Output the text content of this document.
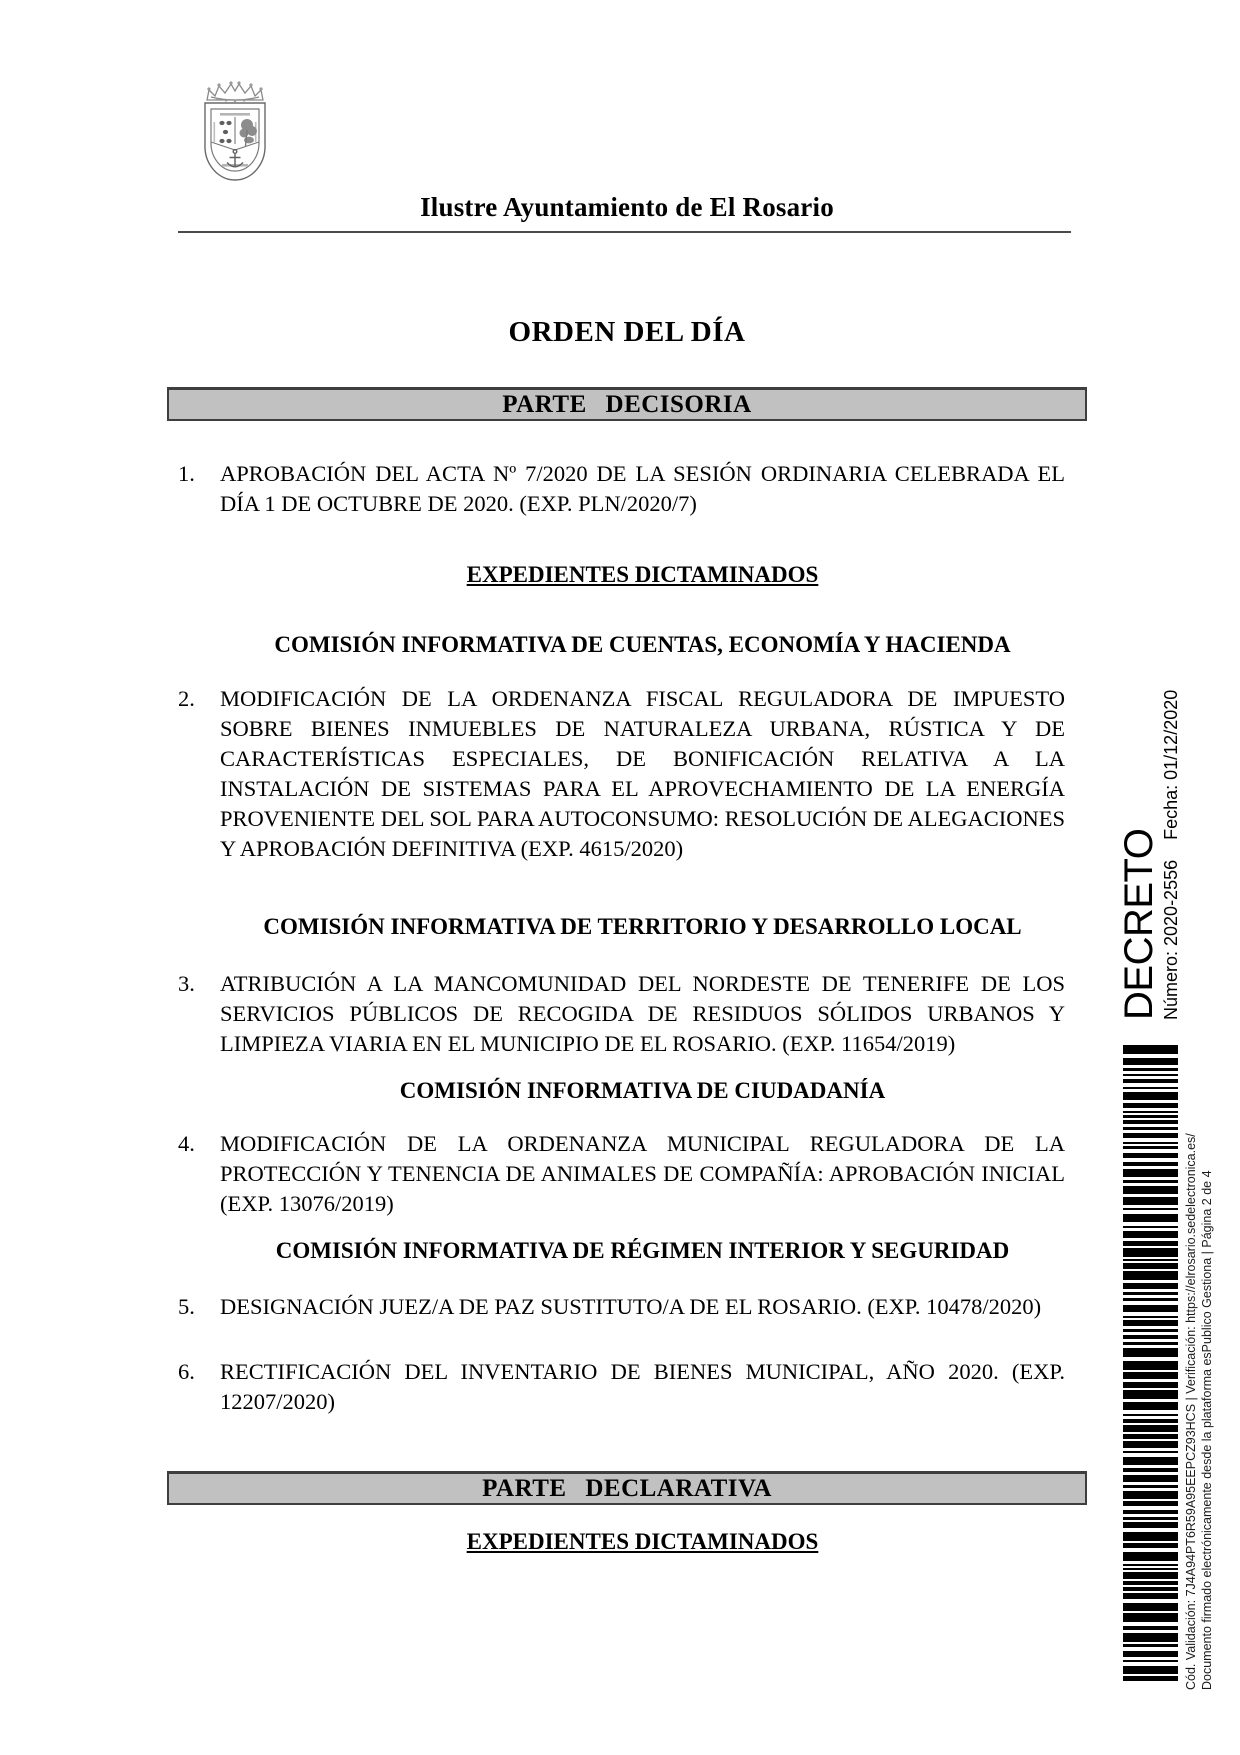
Ilustre Ayuntamiento de El Rosario
ORDEN DEL DÍA
PARTE DECISORIA
1. APROBACIÓN DEL ACTA Nº 7/2020 DE LA SESIÓN ORDINARIA CELEBRADA EL DÍA 1 DE OCTUBRE DE 2020. (EXP. PLN/2020/7)
EXPEDIENTES DICTAMINADOS
COMISIÓN INFORMATIVA DE CUENTAS, ECONOMÍA Y HACIENDA
2. MODIFICACIÓN DE LA ORDENANZA FISCAL REGULADORA DE IMPUESTO SOBRE BIENES INMUEBLES DE NATURALEZA URBANA, RÚSTICA Y DE CARACTERÍSTICAS ESPECIALES, DE BONIFICACIÓN RELATIVA A LA INSTALACIÓN DE SISTEMAS PARA EL APROVECHAMIENTO DE LA ENERGÍA PROVENIENTE DEL SOL PARA AUTOCONSUMO: RESOLUCIÓN DE ALEGACIONES Y APROBACIÓN DEFINITIVA (EXP. 4615/2020)
COMISIÓN INFORMATIVA DE TERRITORIO Y DESARROLLO LOCAL
3. ATRIBUCIÓN A LA MANCOMUNIDAD DEL NORDESTE DE TENERIFE DE LOS SERVICIOS PÚBLICOS DE RECOGIDA DE RESIDUOS SÓLIDOS URBANOS Y LIMPIEZA VIARIA EN EL MUNICIPIO DE EL ROSARIO. (EXP. 11654/2019)
COMISIÓN INFORMATIVA DE CIUDADANÍA
4. MODIFICACIÓN DE LA ORDENANZA MUNICIPAL REGULADORA DE LA PROTECCIÓN Y TENENCIA DE ANIMALES DE COMPAÑÍA: APROBACIÓN INICIAL (EXP. 13076/2019)
COMISIÓN INFORMATIVA DE RÉGIMEN INTERIOR Y SEGURIDAD
5. DESIGNACIÓN JUEZ/A DE PAZ SUSTITUTO/A DE EL ROSARIO. (EXP. 10478/2020)
6. RECTIFICACIÓN DEL INVENTARIO DE BIENES MUNICIPAL, AÑO 2020. (EXP. 12207/2020)
PARTE DECLARATIVA
EXPEDIENTES DICTAMINADOS
DECRETO Número: 2020-2556 Fecha: 01/12/2020
Cód. Validación: 7J4A94PT6R59A95EEPCZ93HCS | Verificación: https://elrosario.sedelectronica.es/ Documento firmado electrónicamente desde la plataforma esPublico Gestiona | Página 2 de 4
